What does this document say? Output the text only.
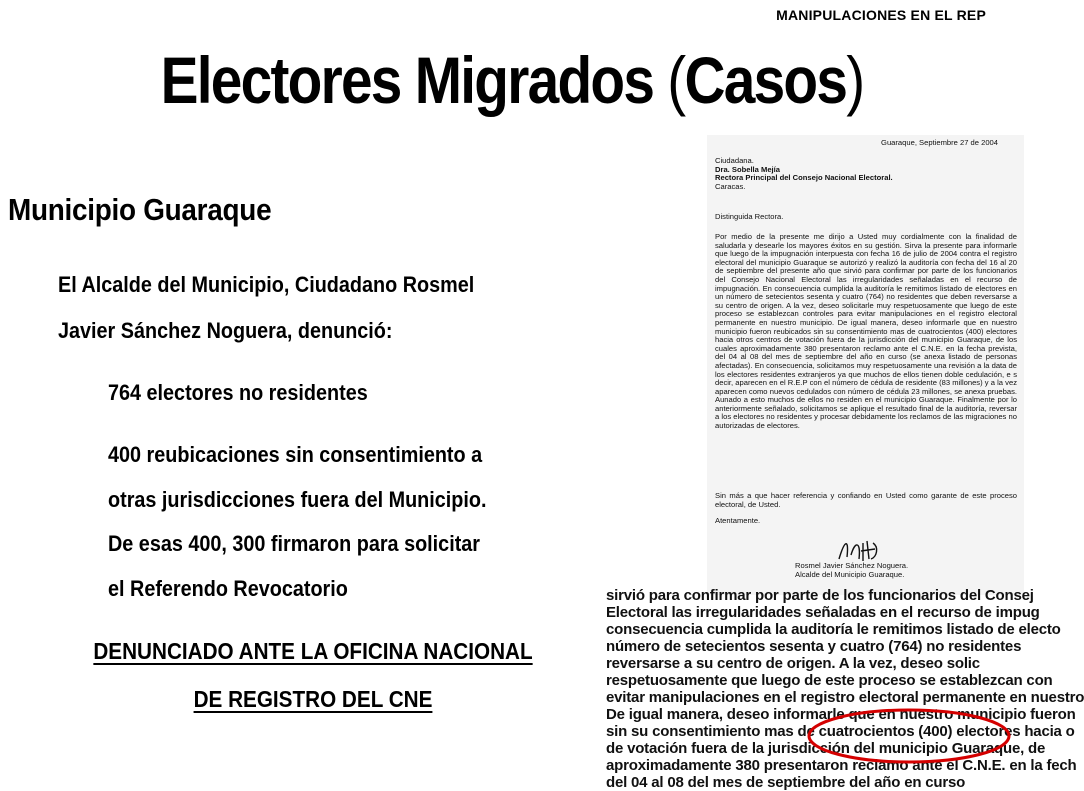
MANIPULACIONES EN EL REP
Electores Migrados (Casos)
Municipio Guaraque
El Alcalde del Municipio, Ciudadano Rosmel
Javier Sánchez Noguera, denunció:
764 electores no residentes
400 reubicaciones sin consentimiento a
otras jurisdicciones fuera del Municipio.
De esas 400, 300 firmaron para solicitar
el Referendo Revocatorio
DENUNCIADO ANTE LA OFICINA NACIONAL
DE REGISTRO DEL CNE
Guaraque, Septiembre 27 de 2004
Ciudadana.
Dra. Sobella Mejía
Rectora Principal del Consejo Nacional Electoral.
Caracas.
Distinguida Rectora.
Por medio de la presente me dirijo a Usted muy cordialmente con la finalidad de saludarla y desearle los mayores éxitos en su gestión. Sirva la presente para informarle que luego de la impugnación interpuesta con fecha 16 de julio de 2004 contra el registro electoral del municipio Guaraque se autorizó y realizó la auditoría con fecha del 16 al 20 de septiembre del presente año que sirvió para confirmar por parte de los funcionarios del Consejo Nacional Electoral las irregularidades señaladas en el recurso de impugnación. En consecuencia cumplida la auditoría le remitimos listado de electores en un número de setecientos sesenta y cuatro (764) no residentes que deben reversarse a su centro de origen. A la vez, deseo solicitarle muy respetuosamente que luego de este proceso se establezcan controles para evitar manipulaciones en el registro electoral permanente en nuestro municipio. De igual manera, deseo informarle que en nuestro municipio fueron reubicados sin su consentimiento mas de cuatrocientos (400) electores hacia otros centros de votación fuera de la jurisdicción del municipio Guaraque, de los cuales aproximadamente 380 presentaron reclamo ante el C.N.E. en la fecha prevista, del 04 al 08 del mes de septiembre del año en curso (se anexa listado de personas afectadas). En consecuencia, solicitamos muy respetuosamente una revisión a la data de los electores residentes extranjeros ya que muchos de ellos tienen doble cedulación, e s decir, aparecen en el R.E.P con el número de cédula de residente (83 millones) y a la vez aparecen como nuevos cedulados con número de cédula 23 millones, se anexa pruebas. Aunado a esto muchos de ellos no residen en el municipio Guaraque. Finalmente por lo anteriormente señalado, solicitamos se aplique el resultado final de la auditoría, reversar a los electores no residentes y procesar debidamente los reclamos de las migraciones no autorizadas de electores.
Sin más a que hacer referencia y confiando en Usted como garante de este proceso electoral, de Usted.
Atentamente.
Rosmel Javier Sánchez Noguera.
Alcalde del Municipio Guaraque.
sirvió para confirmar por parte de los funcionarios del Consej
Electoral las irregularidades señaladas en el recurso de impug
consecuencia cumplida la auditoría le remitimos listado de electo
número de setecientos sesenta y cuatro (764) no residentes
reversarse a su centro de origen. A la vez, deseo solic
respetuosamente que luego de este proceso se establezcan con
evitar manipulaciones en el registro electoral permanente en nuestro
De igual manera, deseo informarle que en nuestro municipio fueron
sin su consentimiento mas de cuatrocientos (400) electores hacia o
de votación fuera de la jurisdicción del municipio Guaraque, de
aproximadamente 380 presentaron reclamo ante el C.N.E. en la fech
del 04 al 08 del mes de septiembre del año en curso
